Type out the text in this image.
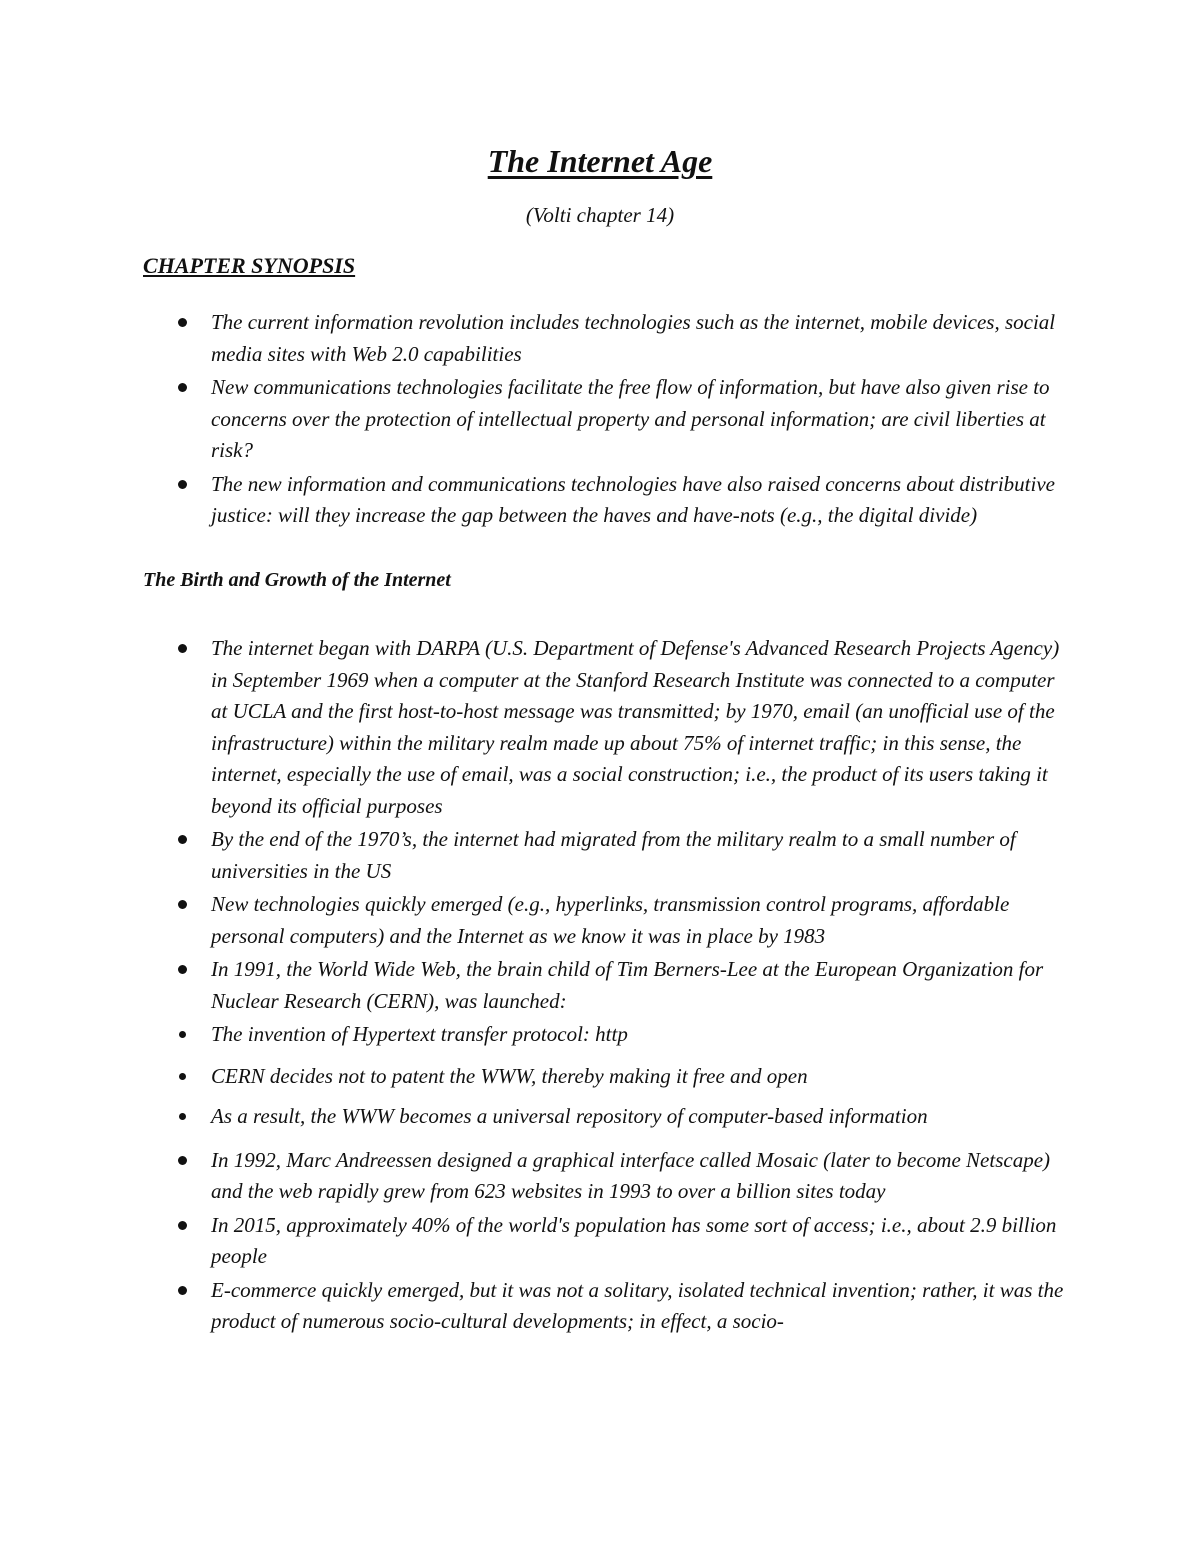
The Internet Age

(Volti chapter 14)

CHAPTER SYNOPSIS
The current information revolution includes technologies such as the internet, mobile devices, social media sites with Web 2.0 capabilities
New communications technologies facilitate the free flow of information, but have also given rise to concerns over the protection of intellectual property and personal information; are civil liberties at risk?
The new information and communications technologies have also raised concerns about distributive justice: will they increase the gap between the haves and have-nots (e.g., the digital divide)
The Birth and Growth of the Internet
The internet began with DARPA (U.S. Department of Defense's Advanced Research Projects Agency) in September 1969 when a computer at the Stanford Research Institute was connected to a computer at UCLA and the first host-to-host message was transmitted; by 1970, email (an unofficial use of the infrastructure) within the military realm made up about 75% of internet traffic; in this sense, the internet, especially the use of email, was a social construction; i.e., the product of its users taking it beyond its official purposes
By the end of the 1970’s, the internet had migrated from the military realm to a small number of universities in the US
New technologies quickly emerged (e.g., hyperlinks, transmission control programs, affordable personal computers) and the Internet as we know it was in place by 1983
In 1991, the World Wide Web, the brain child of Tim Berners-Lee at the European Organization for Nuclear Research (CERN), was launched:
The invention of Hypertext transfer protocol: http
CERN decides not to patent the WWW, thereby making it free and open
As a result, the WWW becomes a universal repository of computer-based information
In 1992, Marc Andreessen designed a graphical interface called Mosaic (later to become Netscape) and the web rapidly grew from 623 websites in 1993 to over a billion sites today
In 2015, approximately 40% of the world's population has some sort of access; i.e., about 2.9 billion people
E-commerce quickly emerged, but it was not a solitary, isolated technical invention; rather, it was the product of numerous socio-cultural developments; in effect, a socio-
